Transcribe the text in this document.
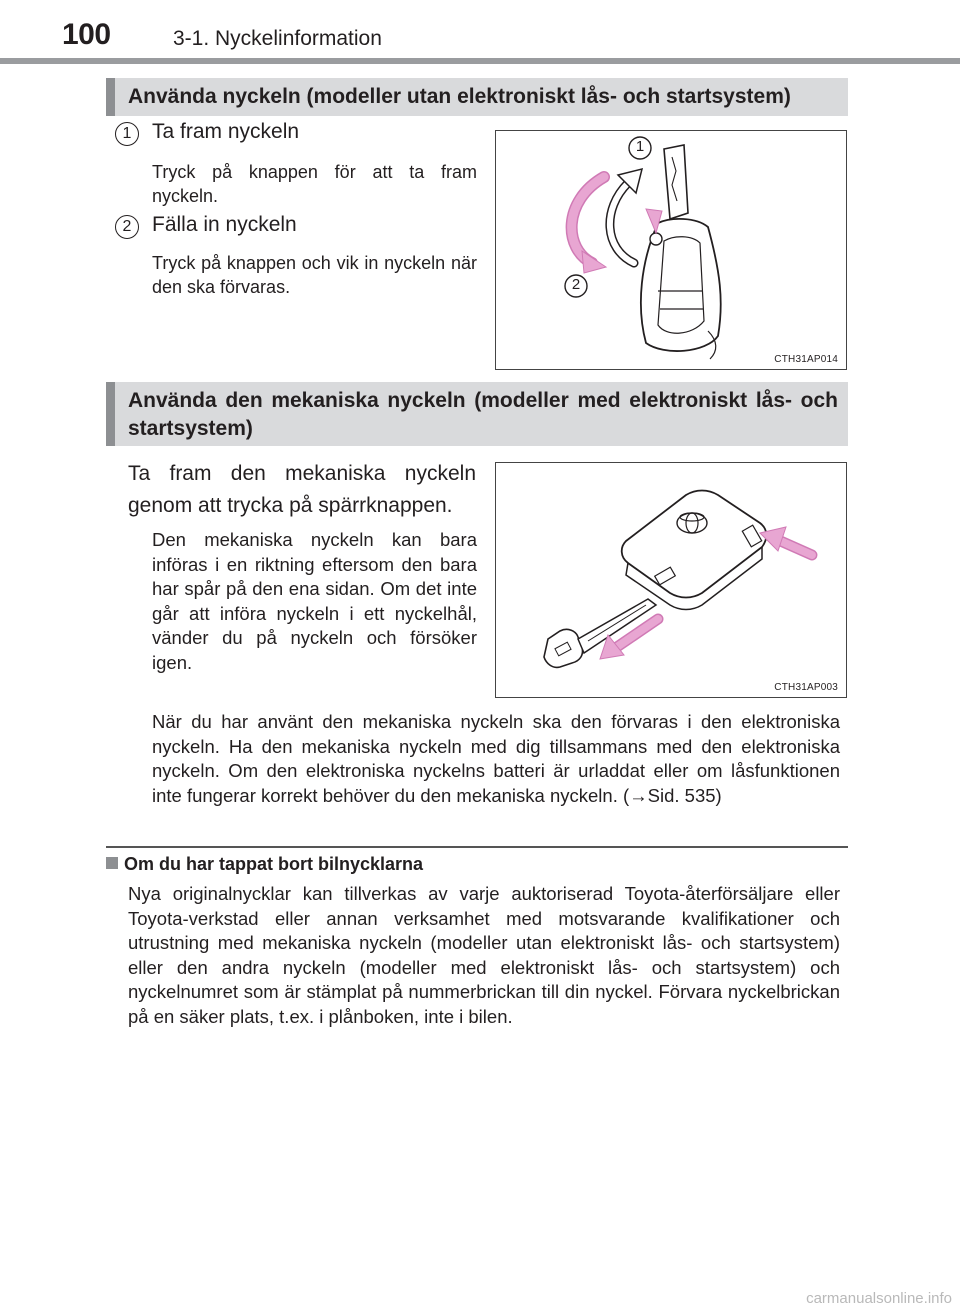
100	3-1. Nyckelinformation
Använda nyckeln (modeller utan elektroniskt lås- och startsystem)
1 Ta fram nyckeln
Tryck på knappen för att ta fram nyckeln.
2 Fälla in nyckeln
Tryck på knappen och vik in nyckeln när den ska förvaras.
1
2
CTH31AP014
Använda den mekaniska nyckeln (modeller med elektroniskt lås- och startsystem)
Ta fram den mekaniska nyckeln genom att trycka på spärrknappen.
Den mekaniska nyckeln kan bara införas i en riktning eftersom den bara har spår på den ena sidan. Om det inte går att införa nyckeln i ett nyckelhål, vänder du på nyckeln och försöker igen.
CTH31AP003
När du har använt den mekaniska nyckeln ska den förvaras i den elektroniska nyckeln. Ha den mekaniska nyckeln med dig tillsammans med den elektroniska nyckeln. Om den elektroniska nyckelns batteri är urladdat eller om låsfunktionen inte fungerar korrekt behöver du den mekaniska nyckeln. (→Sid. 535)
Om du har tappat bort bilnycklarna
Nya originalnycklar kan tillverkas av varje auktoriserad Toyota-återförsäljare eller Toyota-verkstad eller annan verksamhet med motsvarande kvalifikationer och utrustning med mekaniska nyckeln (modeller utan elektroniskt lås- och startsystem) eller den andra nyckeln (modeller med elektroniskt lås- och startsystem) och nyckelnumret som är stämplat på nummerbrickan till din nyckel. Förvara nyckelbrickan på en säker plats, t.ex. i plånboken, inte i bilen.
carmanualsonline.info
